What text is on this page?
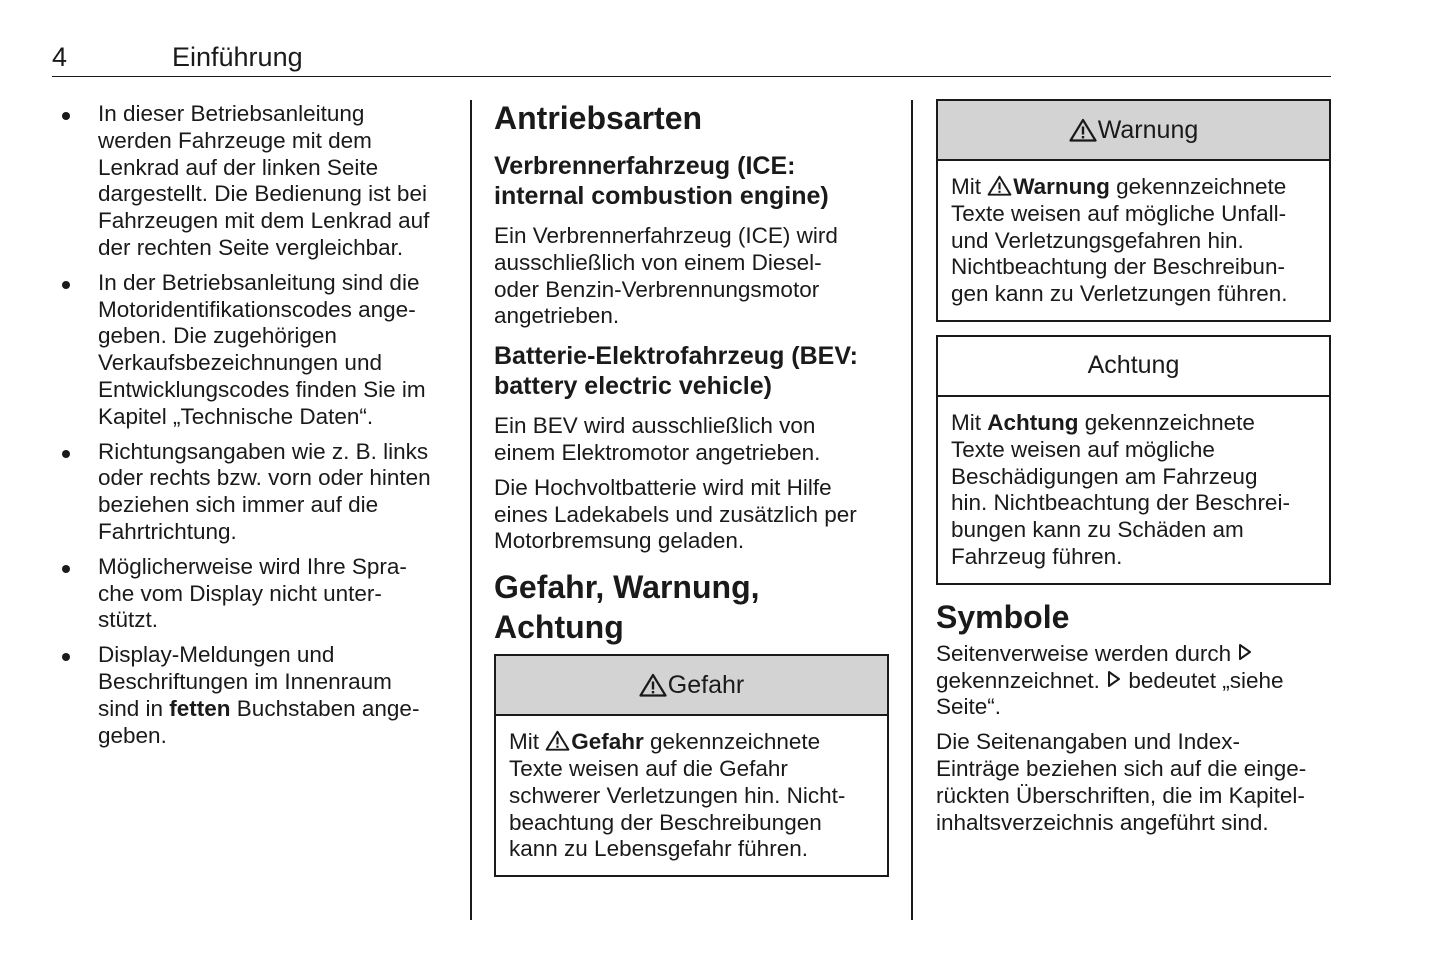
4	Einführung

In dieser Betriebsanleitung
werden Fahrzeuge mit dem
Lenkrad auf der linken Seite
dargestellt. Die Bedienung ist bei
Fahrzeugen mit dem Lenkrad auf
der rechten Seite vergleichbar.

In der Betriebsanleitung sind die
Motoridentifikationscodes ange-
geben. Die zugehörigen
Verkaufsbezeichnungen und
Entwicklungscodes finden Sie im
Kapitel „Technische Daten“.

Richtungsangaben wie z. B. links
oder rechts bzw. vorn oder hinten
beziehen sich immer auf die
Fahrtrichtung.

Möglicherweise wird Ihre Spra-
che vom Display nicht unter-
stützt.

Display-Meldungen und
Beschriftungen im Innenraum
sind in fetten Buchstaben ange-
geben.

Antriebsarten
Verbrennerfahrzeug (ICE:
internal combustion engine)

Ein Verbrennerfahrzeug (ICE) wird
ausschließlich von einem Diesel-
oder Benzin-Verbrennungsmotor
angetrieben.

Batterie-Elektrofahrzeug (BEV:
battery electric vehicle)

Ein BEV wird ausschließlich von
einem Elektromotor angetrieben.

Die Hochvoltbatterie wird mit Hilfe
eines Ladekabels und zusätzlich per
Motorbremsung geladen.

Gefahr, Warnung, Achtung
Gefahr
Mit Gefahr gekennzeichnete
Texte weisen auf die Gefahr
schwerer Verletzungen hin. Nicht-
beachtung der Beschreibungen
kann zu Lebensgefahr führen.
Warnung
Mit Warnung gekennzeichnete
Texte weisen auf mögliche Unfall-
und Verletzungsgefahren hin.
Nichtbeachtung der Beschreibun-
gen kann zu Verletzungen führen.
Achtung
Mit Achtung gekennzeichnete
Texte weisen auf mögliche
Beschädigungen am Fahrzeug
hin. Nichtbeachtung der Beschrei-
bungen kann zu Schäden am
Fahrzeug führen.
Symbole

Seitenverweise werden durch
gekennzeichnet.  bedeutet „siehe
Seite“.

Die Seitenangaben und Index-
Einträge beziehen sich auf die einge-
rückten Überschriften, die im Kapitel-
inhaltsverzeichnis angeführt sind.
